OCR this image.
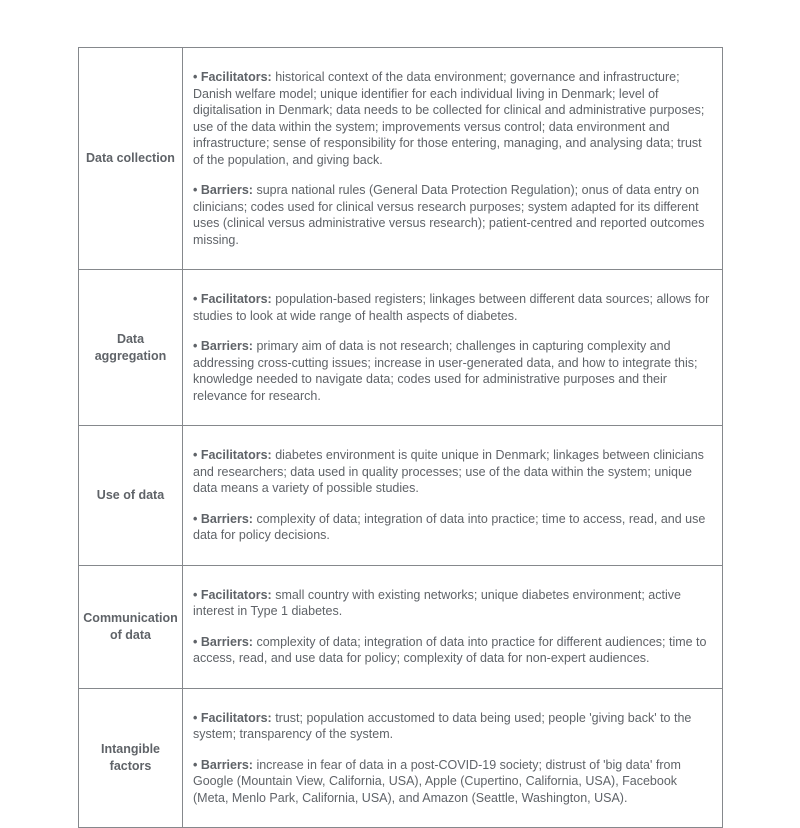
Data collection

• Facilitators: historical context of the data environment; governance and infrastructure; Danish welfare model; unique identifier for each individual living in Denmark; level of digitalisation in Denmark; data needs to be collected for clinical and administrative purposes; use of the data within the system; improvements versus control; data environment and infrastructure; sense of responsibility for those entering, managing, and analysing data; trust of the population, and giving back.

• Barriers: supra national rules (General Data Protection Regulation); onus of data entry on clinicians; codes used for clinical versus research purposes; system adapted for its different uses (clinical versus administrative versus research); patient-centred and reported outcomes missing.

Data aggregation

• Facilitators: population-based registers; linkages between different data sources; allows for studies to look at wide range of health aspects of diabetes.

• Barriers: primary aim of data is not research; challenges in capturing complexity and addressing cross-cutting issues; increase in user-generated data, and how to integrate this; knowledge needed to navigate data; codes used for administrative purposes and their relevance for research.

Use of data

• Facilitators: diabetes environment is quite unique in Denmark; linkages between clinicians and researchers; data used in quality processes; use of the data within the system; unique data means a variety of possible studies.

• Barriers: complexity of data; integration of data into practice; time to access, read, and use data for policy decisions.

Communication of data

• Facilitators: small country with existing networks; unique diabetes environment; active interest in Type 1 diabetes.

• Barriers: complexity of data; integration of data into practice for different audiences; time to access, read, and use data for policy; complexity of data for non-expert audiences.

Intangible factors

• Facilitators: trust; population accustomed to data being used; people 'giving back' to the system; transparency of the system.

• Barriers: increase in fear of data in a post-COVID-19 society; distrust of 'big data' from Google (Mountain View, California, USA), Apple (Cupertino, California, USA), Facebook (Meta, Menlo Park, California, USA), and Amazon (Seattle, Washington, USA).
